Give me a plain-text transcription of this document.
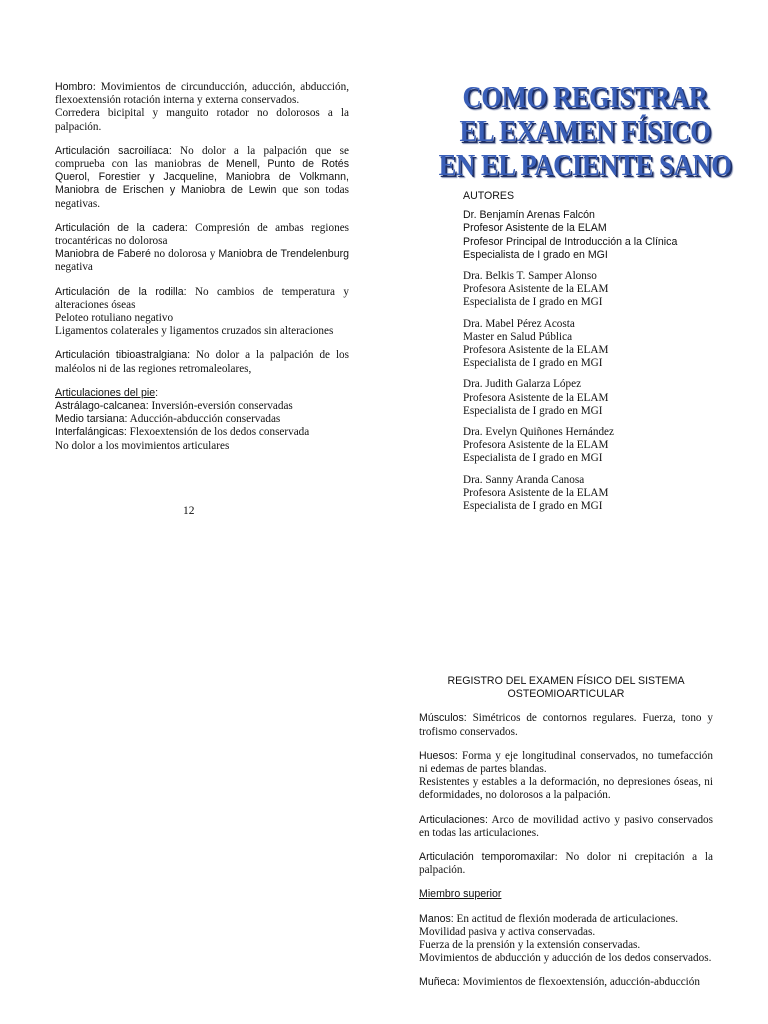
Hombro: Movimientos de circunducción, aducción, abducción, flexoextensión rotación interna y externa conservados.

Corredera bicipital y manguito rotador no dolorosos a la palpación.

Articulación sacroilíaca: No dolor a la palpación que se comprueba con las maniobras de Menell, Punto de Rotés Querol, Forestier y Jacqueline, Maniobra de Volkmann, Maniobra de Erischen y Maniobra de Lewin que son todas negativas.

Articulación de la cadera: Compresión de ambas regiones trocantéricas no dolorosa

Maniobra de Faberé no dolorosa y Maniobra de Trendelenburg negativa

Articulación de la rodilla: No cambios de temperatura y alteraciones óseas

Peloteo rotuliano negativo

Ligamentos colaterales y ligamentos cruzados sin alteraciones

Articulación tibioastralgiana: No dolor a la palpación de los maléolos ni de las regiones retromaleolares,

Articulaciones del pie:

Astrálago-calcanea: Inversión-eversión conservadas

Medio tarsiana: Aducción-abducción conservadas

Interfalángicas: Flexoextensión de los dedos conservada

No dolor a los movimientos articulares

12
COMO REGISTRAR
EL EXAMEN FÍSICO
EN EL PACIENTE SANO

AUTORES

Dr. Benjamín Arenas Falcón
Profesor Asistente de la ELAM
Profesor Principal de Introducción a la Clínica
Especialista de I grado en MGI
Dra. Belkis T. Samper Alonso
Profesora Asistente de la ELAM
Especialista de I grado en MGI
Dra. Mabel Pérez Acosta
Master en Salud Pública
Profesora Asistente de la ELAM
Especialista de I grado en MGI
Dra. Judith Galarza López
Profesora Asistente de la ELAM
Especialista de I grado en MGI
Dra. Evelyn Quiñones Hernández
Profesora Asistente de la ELAM
Especialista de I grado en MGI
Dra. Sanny Aranda Canosa
Profesora Asistente de la ELAM
Especialista de I grado en MGI
REGISTRO DEL EXAMEN FÍSICO DEL SISTEMA
OSTEOMIOARTICULAR

Músculos: Simétricos de contornos regulares. Fuerza, tono y trofismo conservados.

Huesos: Forma y eje longitudinal conservados, no tumefacción ni edemas de partes blandas.

Resistentes y estables a la deformación, no depresiones óseas, ni deformidades, no dolorosos a la palpación.

Articulaciones: Arco de movilidad activo y pasivo conservados en todas las articulaciones.

Articulación temporomaxilar: No dolor ni crepitación a la palpación.

Miembro superior

Manos: En actitud de flexión moderada de articulaciones.

Movilidad pasiva y activa conservadas.

Fuerza de la prensión y la extensión conservadas.

Movimientos de abducción y aducción de los dedos conservados.

Muñeca: Movimientos de flexoextensión, aducción-abducción
